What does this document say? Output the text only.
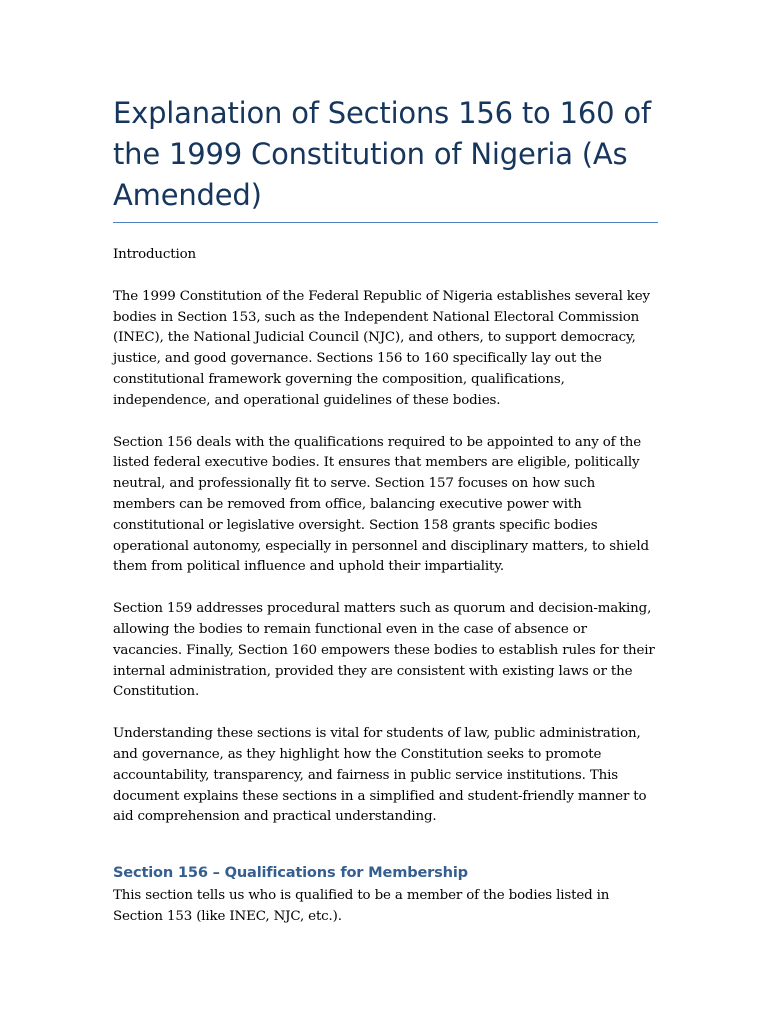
Explanation of Sections 156 to 160 of the 1999 Constitution of Nigeria (As Amended)

Introduction

The 1999 Constitution of the Federal Republic of Nigeria establishes several key bodies in Section 153, such as the Independent National Electoral Commission (INEC), the National Judicial Council (NJC), and others, to support democracy, justice, and good governance. Sections 156 to 160 specifically lay out the constitutional framework governing the composition, qualifications, independence, and operational guidelines of these bodies.

Section 156 deals with the qualifications required to be appointed to any of the listed federal executive bodies. It ensures that members are eligible, politically neutral, and professionally fit to serve. Section 157 focuses on how such members can be removed from office, balancing executive power with constitutional or legislative oversight. Section 158 grants specific bodies operational autonomy, especially in personnel and disciplinary matters, to shield them from political influence and uphold their impartiality.

Section 159 addresses procedural matters such as quorum and decision-making, allowing the bodies to remain functional even in the case of absence or vacancies. Finally, Section 160 empowers these bodies to establish rules for their internal administration, provided they are consistent with existing laws or the Constitution.

Understanding these sections is vital for students of law, public administration, and governance, as they highlight how the Constitution seeks to promote accountability, transparency, and fairness in public service institutions. This document explains these sections in a simplified and student-friendly manner to aid comprehension and practical understanding.

Section 156 – Qualifications for Membership

This section tells us who is qualified to be a member of the bodies listed in Section 153 (like INEC, NJC, etc.).
